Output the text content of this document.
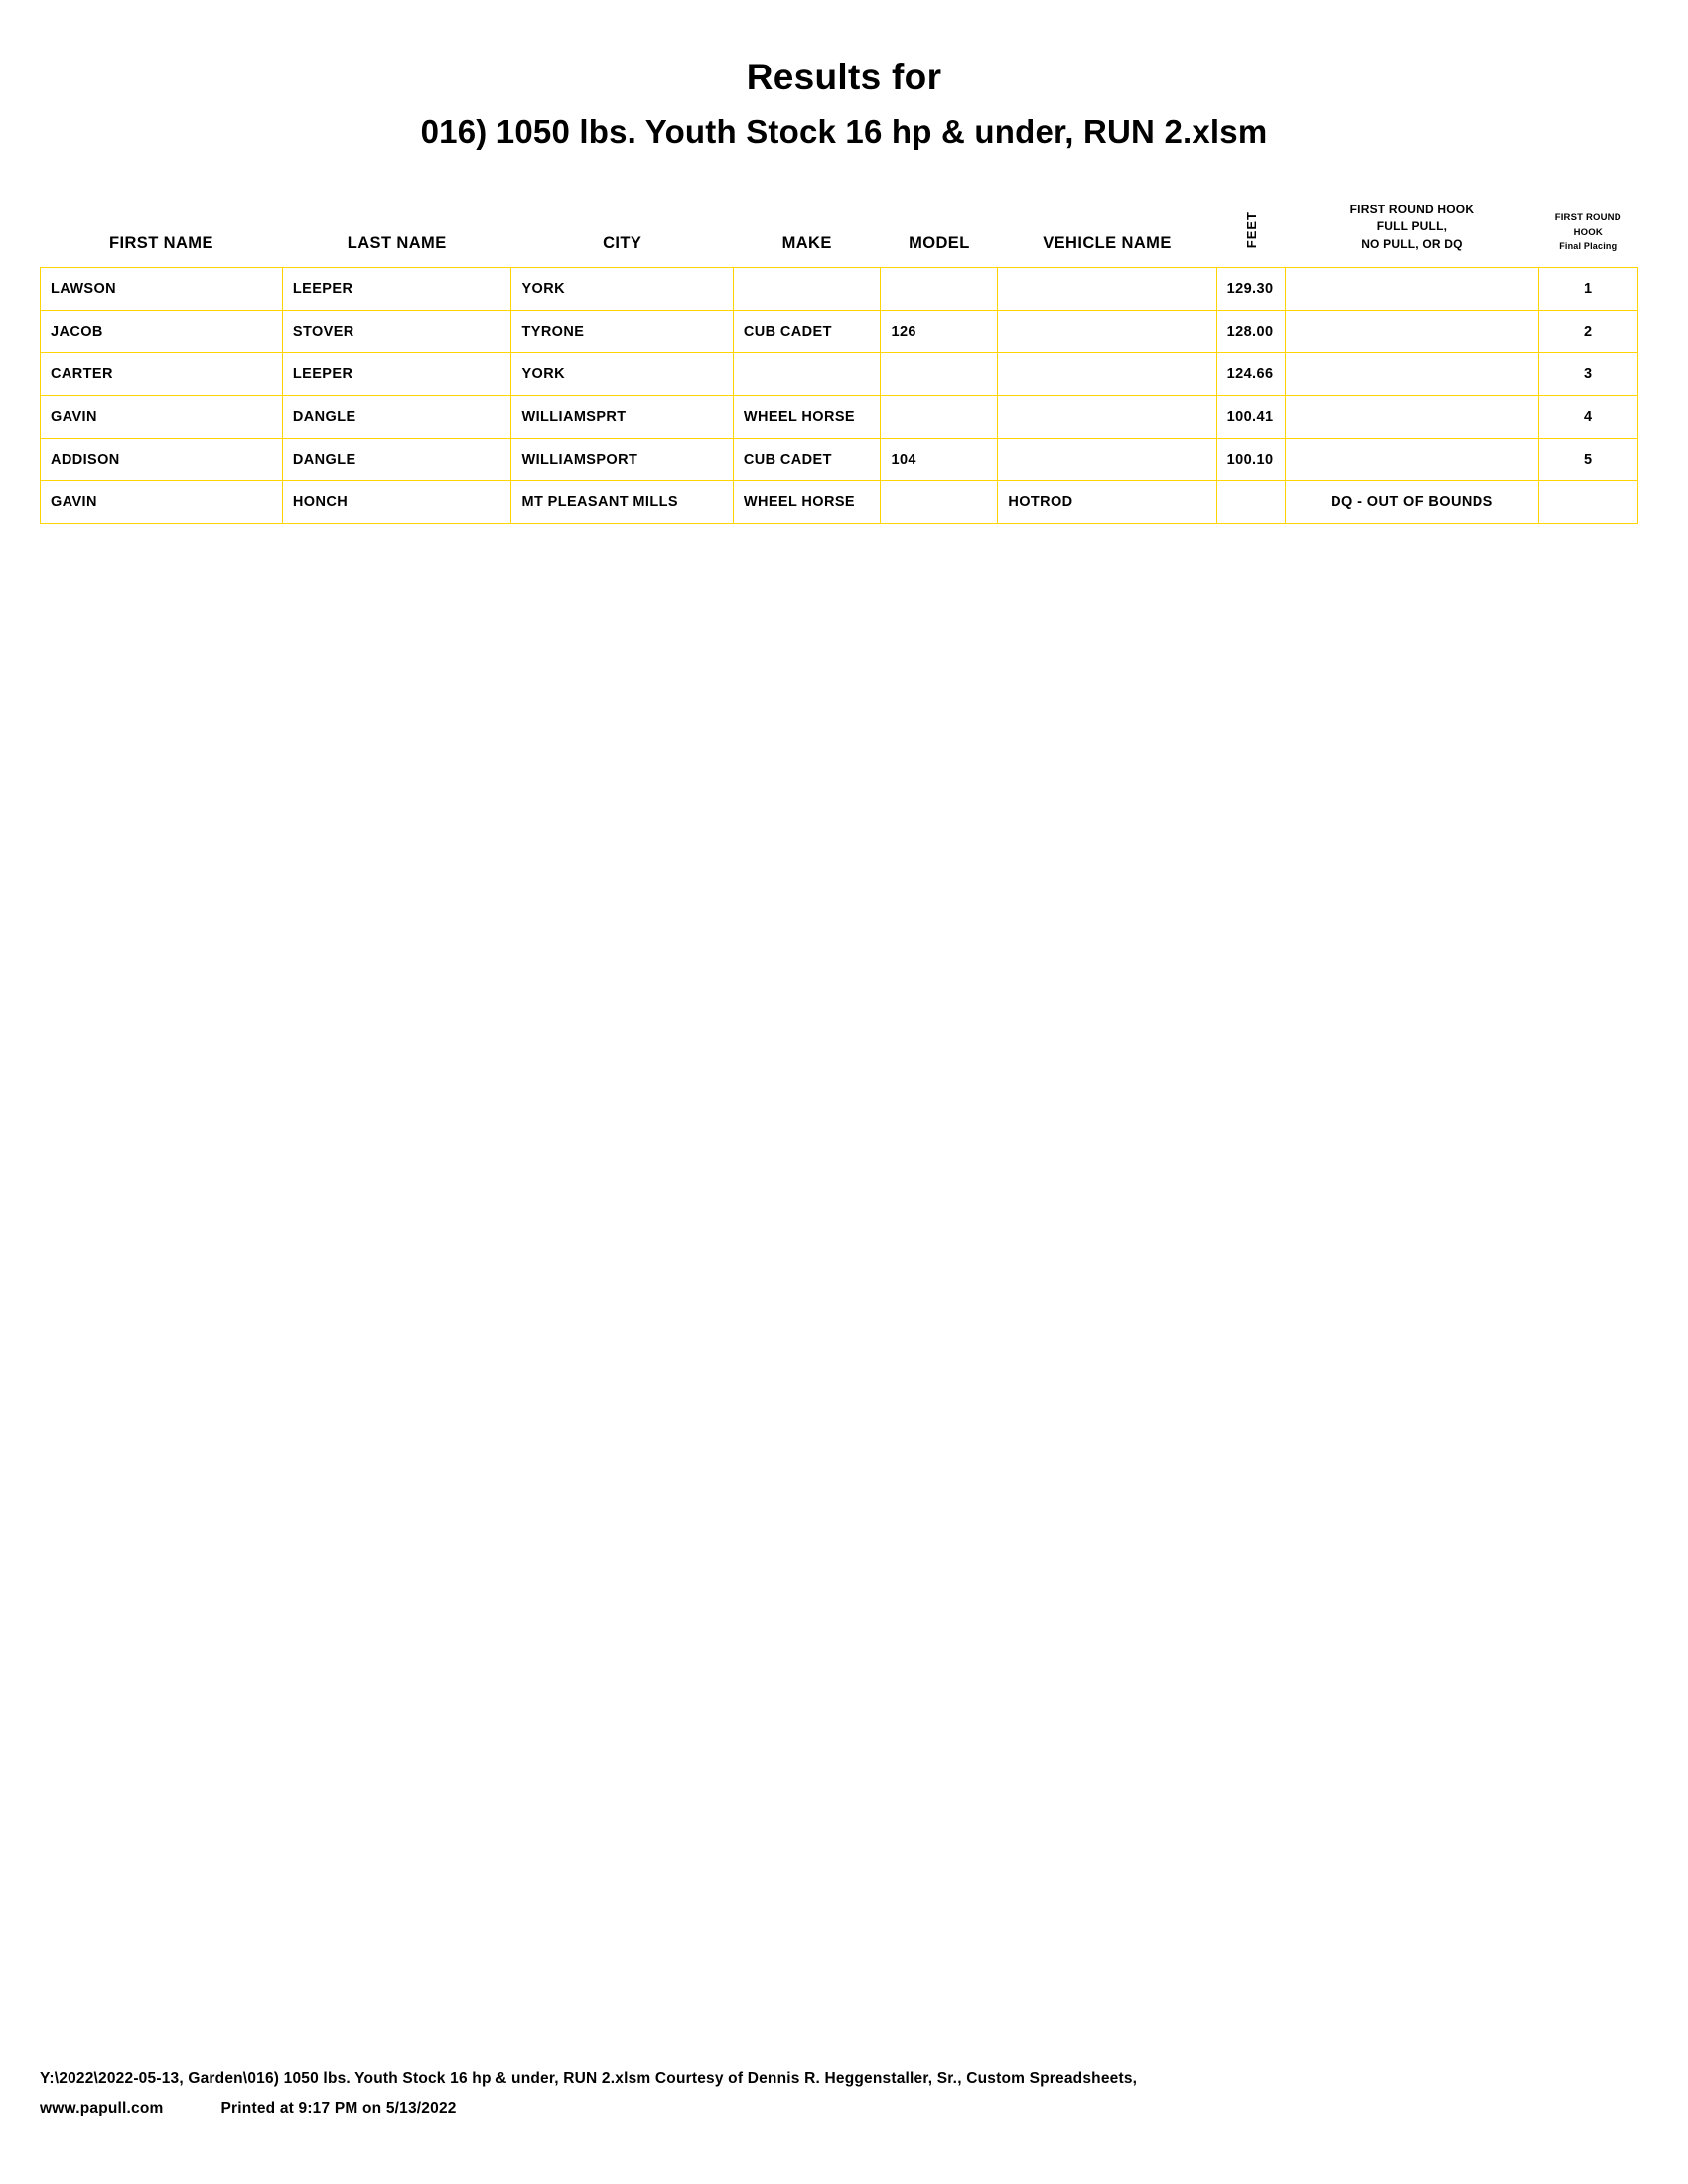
Results for
016) 1050 lbs. Youth Stock 16 hp & under, RUN 2.xlsm
FIRST NAME	LAST NAME	CITY	MAKE	MODEL	VEHICLE NAME	FEET	
FIRST ROUND HOOK
FULL PULL,
NO PULL, OR DQ

FIRST ROUND
HOOK
Final Placing

LAWSON	LEEPER	YORK				129.30		1
JACOB	STOVER	TYRONE	CUB CADET	126		128.00		2
CARTER	LEEPER	YORK				124.66		3
GAVIN	DANGLE	WILLIAMSPRT	WHEEL HORSE			100.41		4
ADDISON	DANGLE	WILLIAMSPORT	CUB CADET	104		100.10		5
GAVIN	HONCH	MT PLEASANT MILLS	WHEEL HORSE		HOTROD		DQ - OUT OF BOUNDS	
Y:\2022\2022-05-13, Garden\016) 1050 lbs. Youth Stock 16 hp & under, RUN 2.xlsm Courtesy of Dennis R. Heggenstaller, Sr., Custom Spreadsheets,
www.papull.com	Printed at 9:17 PM on 5/13/2022
